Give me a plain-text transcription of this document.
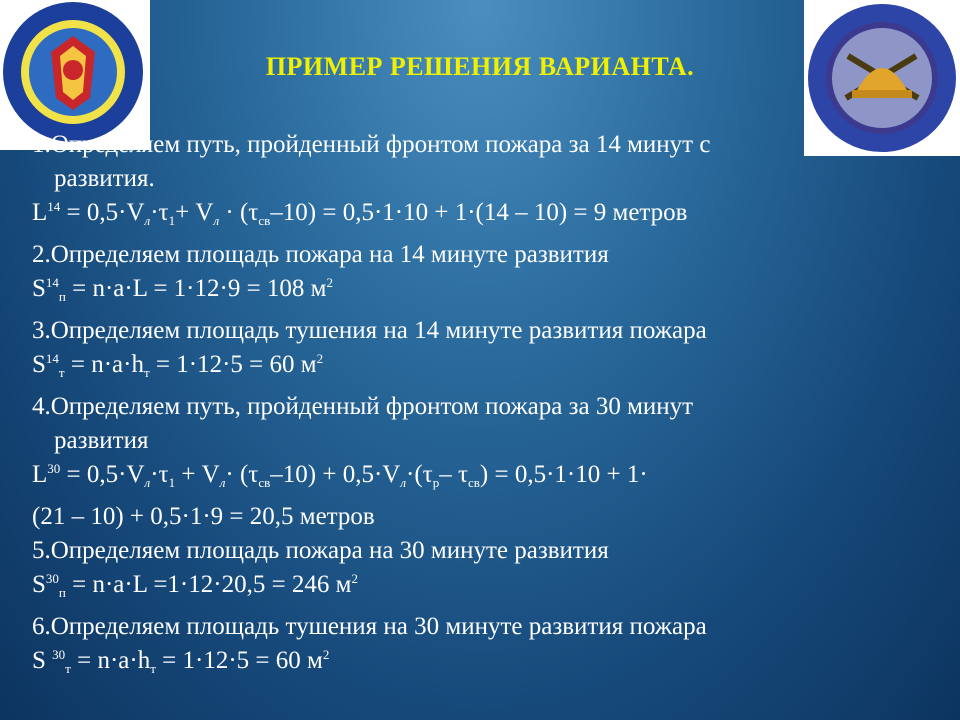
ПРИМЕР РЕШЕНИЯ ВАРИАНТА.
1.Определяем путь, пройденный фронтом пожара за 14 минут с
развития.
$L^{14} = 0,5\cdot V_л\cdot\tau_1+ V_л \cdot (\tau_{св}-10) = 0,5\cdot 1\cdot 10 + 1\cdot(14 - 10) = 9$ метров
2.Определяем площадь пожара на 14 минуте развития
$S^{14}_п = n\cdot a\cdot L = 1\cdot 12\cdot 9 = 108$ $м^2$
3.Определяем площадь тушения на 14 минуте развития пожара
$S^{14}_т = n\cdot a\cdot h_т = 1\cdot 12\cdot 5 = 60$ $м^2$
4.Определяем путь, пройденный фронтом пожара за 30 минут
развития
$L^{30} = 0,5\cdot V_л\cdot\tau_1 + V_л\cdot (\tau_{св}-10) + 0,5\cdot V_л\cdot(\tau_р-$ $\tau_{св}) = 0,5\cdot 1\cdot 10 + 1\cdot$
(21 – 10) + 0,5·1·9 = 20,5 метров
5.Определяем площадь пожара на 30 минуте развития
$S^{30}_п = n\cdot a\cdot L =1\cdot 12\cdot 20,5 = 246$ $м^2$
6.Определяем площадь тушения на 30 минуте развития пожара
S $^{30}_т = n\cdot a\cdot h_т = 1\cdot 12\cdot 5 = 60$ $м^2$
